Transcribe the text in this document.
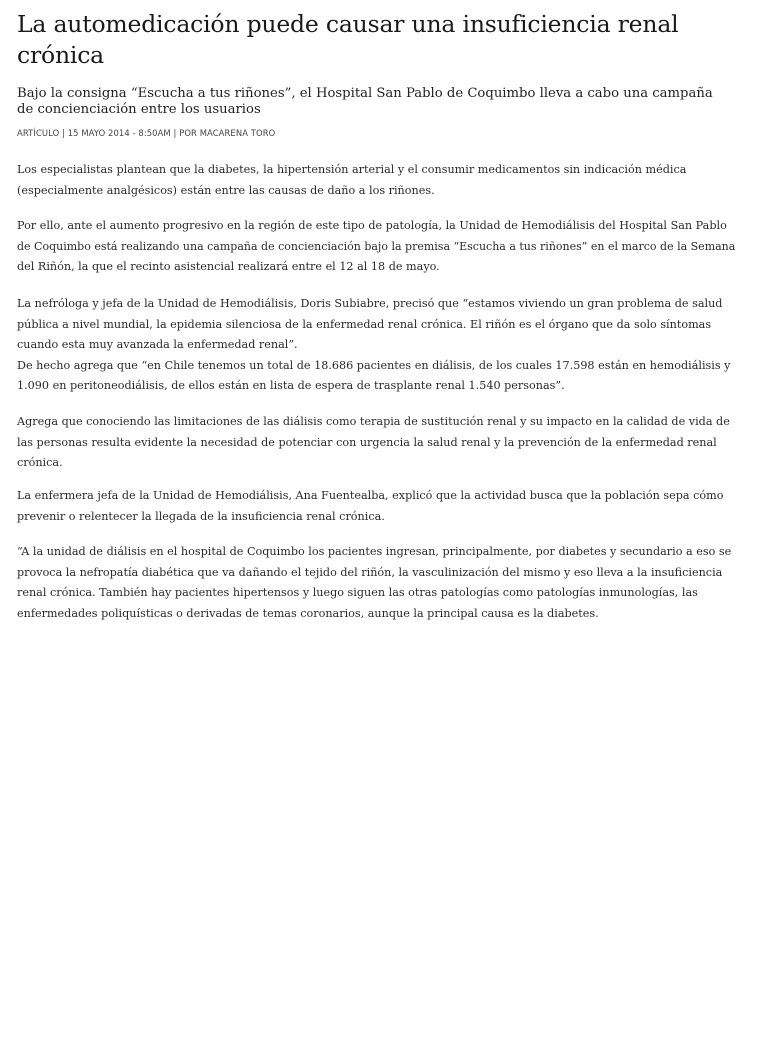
La automedicación puede causar una insuficiencia renal crónica

Bajo la consigna “Escucha a tus riñones”, el Hospital San Pablo de Coquimbo lleva a cabo una campaña de concienciación entre los usuarios

ARTÍCULO | 15 MAYO 2014 - 8:50AM | POR MACARENA TORO

Los especialistas plantean que la diabetes, la hipertensión arterial y el consumir medicamentos sin indicación médica
(especialmente analgésicos) están entre las causas de daño a los riñones.

Por ello, ante el aumento progresivo en la región de este tipo de patología, la Unidad de Hemodiálisis del Hospital San Pablo
de Coquimbo está realizando una campaña de concienciación bajo la premisa “Escucha a tus riñones” en el marco de la Semana
del Riñón, la que el recinto asistencial realizará entre el 12 al 18 de mayo.

La nefróloga y jefa de la Unidad de Hemodiálisis, Doris Subiabre, precisó que “estamos viviendo un gran problema de salud
pública a nivel mundial, la epidemia silenciosa de la enfermedad renal crónica. El riñón es el órgano que da solo síntomas
cuando esta muy avanzada la enfermedad renal”.
De hecho agrega que “en Chile tenemos un total de 18.686 pacientes en diálisis, de los cuales 17.598 están en hemodiálisis y
1.090 en peritoneodiálisis, de ellos están en lista de espera de trasplante renal 1.540 personas”.

Agrega que conociendo las limitaciones de las diálisis como terapia de sustitución renal y su impacto en la calidad de vida de
las personas resulta evidente la necesidad de potenciar con urgencia la salud renal y la prevención de la enfermedad renal
crónica.

La enfermera jefa de la Unidad de Hemodiálisis, Ana Fuentealba, explicó que la actividad busca que la población sepa cómo
prevenir o relentecer la llegada de la insuficiencia renal crónica.

“A la unidad de diálisis en el hospital de Coquimbo los pacientes ingresan, principalmente, por diabetes y secundario a eso se
provoca la nefropatía diabética que va dañando el tejido del riñón, la vasculinización del mismo y eso lleva a la insuficiencia
renal crónica. También hay pacientes hipertensos y luego siguen las otras patologías como patologías inmunologías, las
enfermedades poliquísticas o derivadas de temas coronarios, aunque la principal causa es la diabetes.
